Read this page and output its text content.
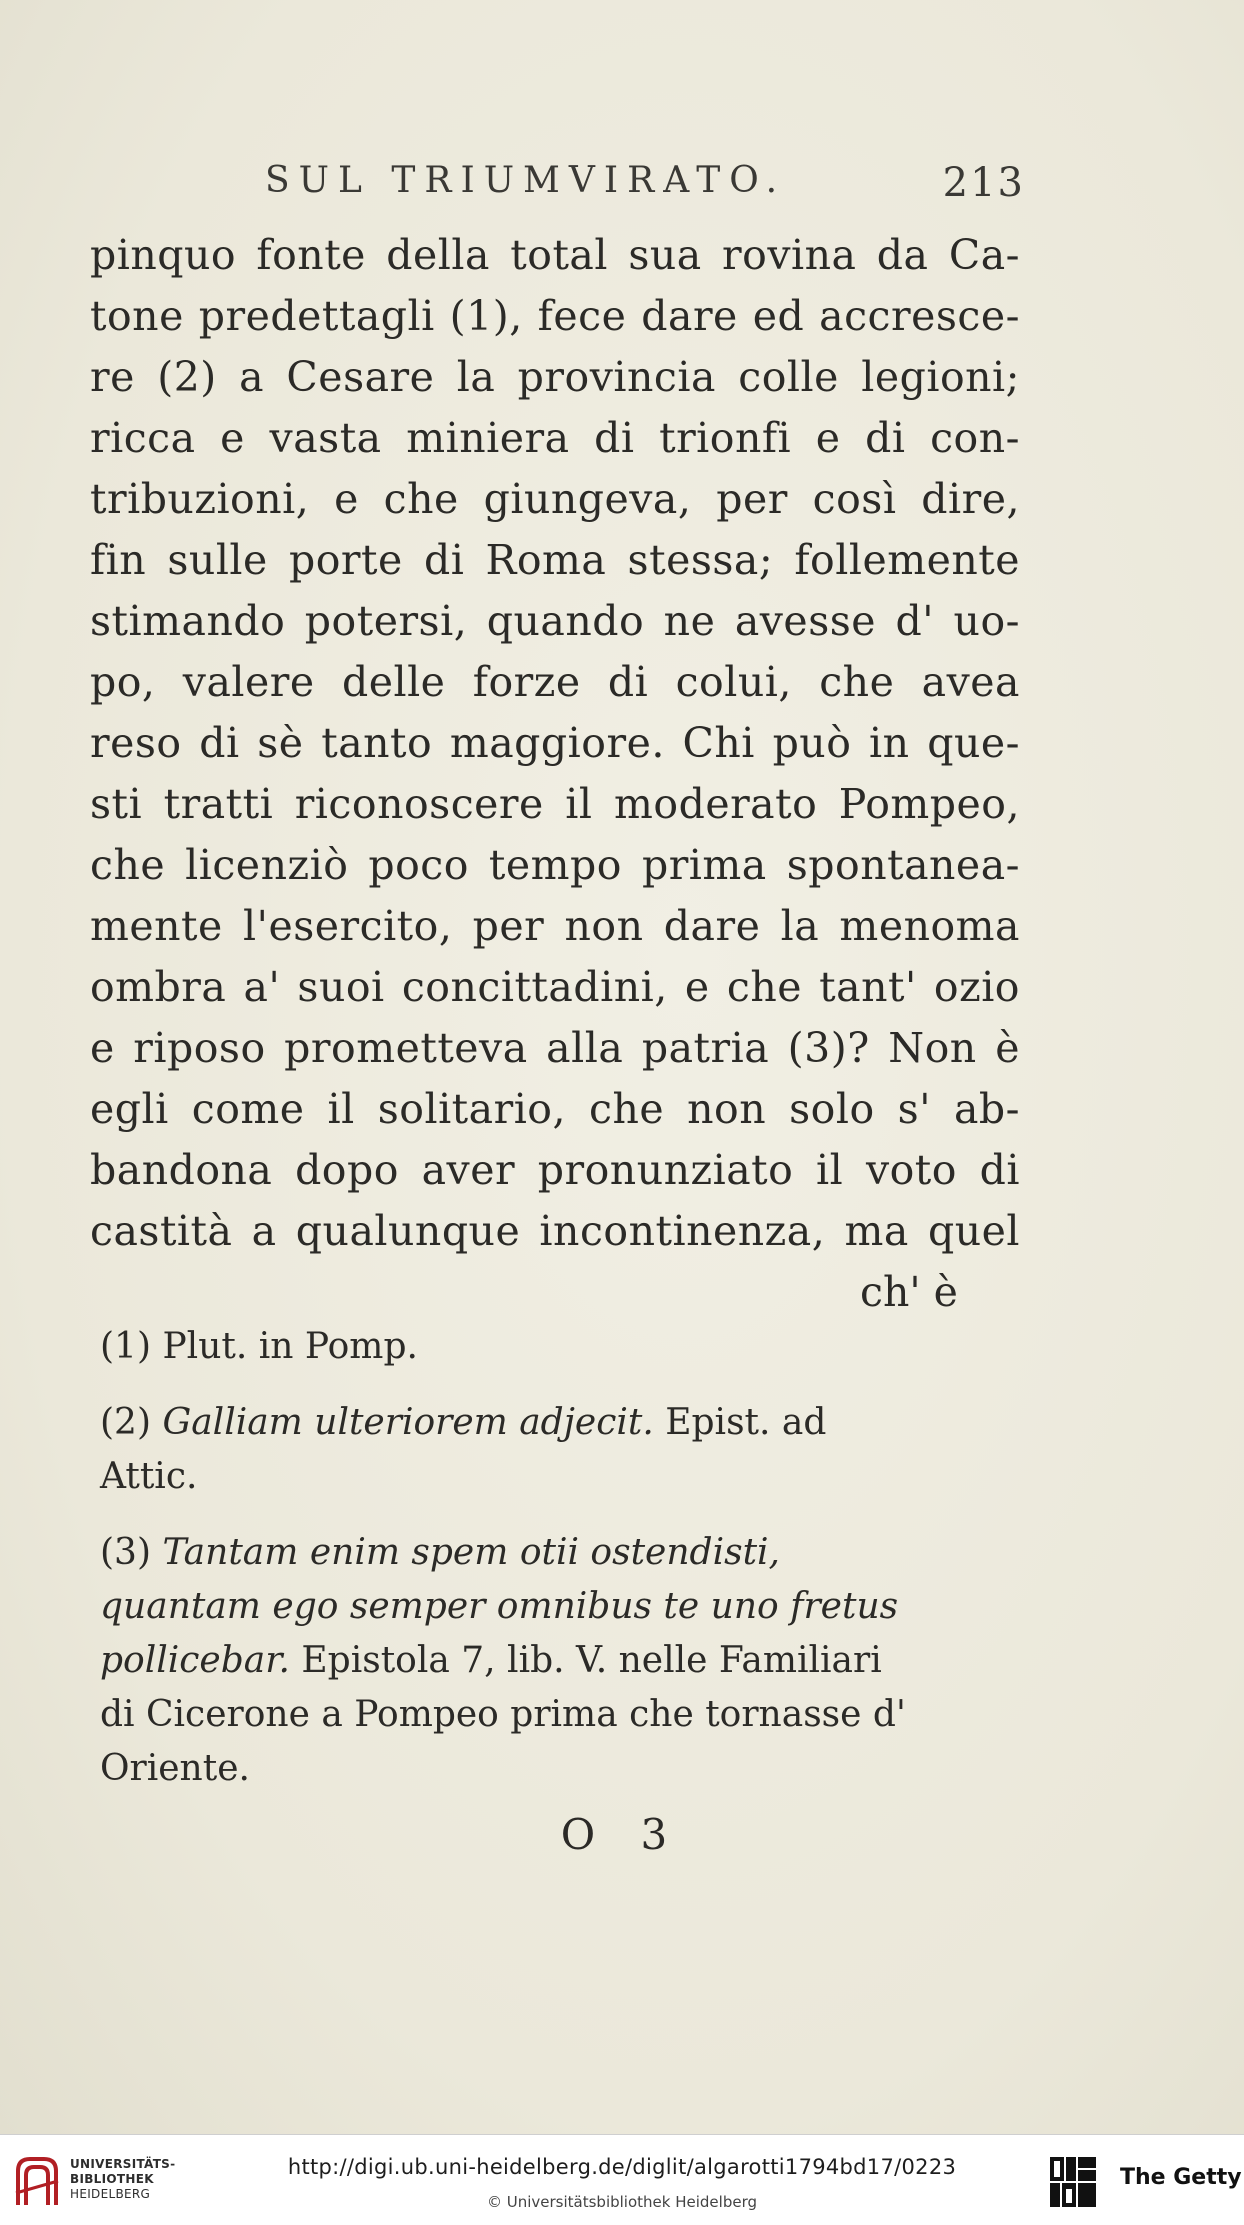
SUL TRIUMVIRATO.	213
pinquo fonte della total sua rovina da Ca-
tone predettagli (1), fece dare ed accresce-
re (2) a Cesare la provincia colle legioni;
ricca e vasta miniera di trionfi e di con-
tribuzioni, e che giungeva, per così dire,
fin sulle porte di Roma stessa; follemente
stimando potersi, quando ne avesse d' uo-
po, valere delle forze di colui, che avea
reso di sè tanto maggiore. Chi può in que-
sti tratti riconoscere il moderato Pompeo,
che licenziò poco tempo prima spontanea-
mente l'esercito, per non dare la menoma
ombra a' suoi concittadini, e che tant' ozio
e riposo prometteva alla patria (3)? Non è
egli come il solitario, che non solo s' ab-
bandona dopo aver pronunziato il voto di
castità a qualunque incontinenza, ma quel
ch' è
(1) Plut. in Pomp.
(2) Galliam ulteriorem adjecit. Epist. ad
Attic.
(3) Tantam enim spem otii ostendisti,
quantam ego semper omnibus te uno fretus
pollicebar. Epistola 7, lib. V. nelle Familiari
di Cicerone a Pompeo prima che tornasse d'
Oriente.
O 3
UNIVERSITÄTS-
BIBLIOTHEK
HEIDELBERG
http://digi.ub.uni-heidelberg.de/diglit/algarotti1794bd17/0223
© Universitätsbibliothek Heidelberg
The Getty
